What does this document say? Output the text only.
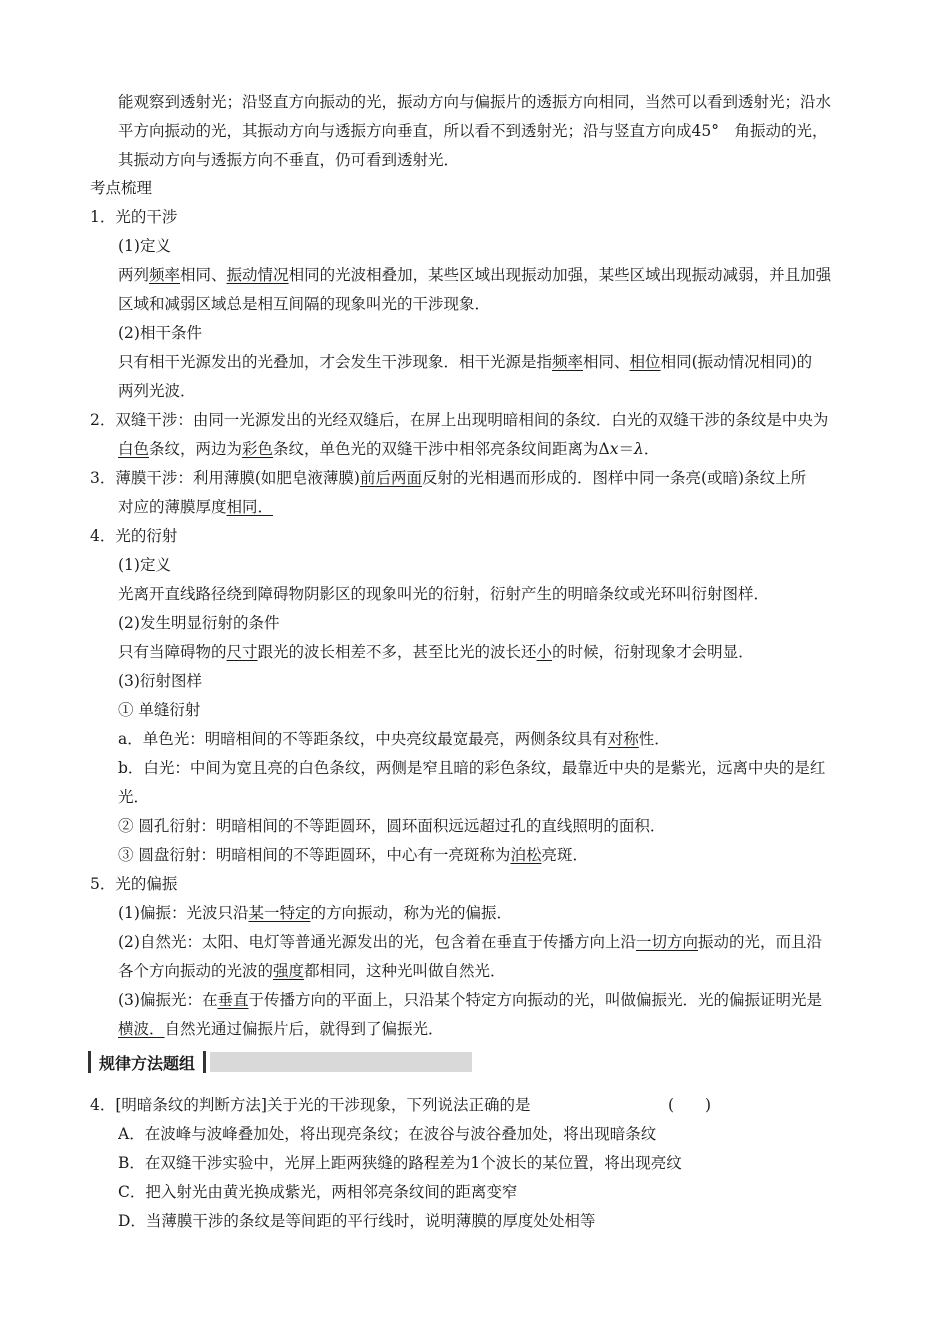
能观察到透射光；沿竖直方向振动的光，振动方向与偏振片的透振方向相同，当然可以看到透射光；沿水
平方向振动的光，其振动方向与透振方向垂直，所以看不到透射光；沿与竖直方向成45°　角振动的光，
其振动方向与透振方向不垂直，仍可看到透射光．
考点梳理
1．光的干涉
(1)定义
两列频率相同、振动情况相同的光波相叠加，某些区域出现振动加强，某些区域出现振动减弱，并且加强
区域和减弱区域总是相互间隔的现象叫光的干涉现象．
(2)相干条件
只有相干光源发出的光叠加，才会发生干涉现象．相干光源是指频率相同、相位相同(振动情况相同)的
两列光波．
2．双缝干涉：由同一光源发出的光经双缝后，在屏上出现明暗相间的条纹．白光的双缝干涉的条纹是中央为
白色条纹，两边为彩色条纹，单色光的双缝干涉中相邻亮条纹间距离为Δx＝λ．
3．薄膜干涉：利用薄膜(如肥皂液薄膜)前后两面反射的光相遇而形成的．图样中同一条亮(或暗)条纹上所
对应的薄膜厚度相同．
4．光的衍射
(1)定义
光离开直线路径绕到障碍物阴影区的现象叫光的衍射，衍射产生的明暗条纹或光环叫衍射图样．
(2)发生明显衍射的条件
只有当障碍物的尺寸跟光的波长相差不多，甚至比光的波长还小的时候，衍射现象才会明显．
(3)衍射图样
① 单缝衍射
a．单色光：明暗相间的不等距条纹，中央亮纹最宽最亮，两侧条纹具有对称性．
b．白光：中间为宽且亮的白色条纹，两侧是窄且暗的彩色条纹，最靠近中央的是紫光，远离中央的是红
光．
② 圆孔衍射：明暗相间的不等距圆环，圆环面积远远超过孔的直线照明的面积．
③ 圆盘衍射：明暗相间的不等距圆环，中心有一亮斑称为泊松亮斑．
5．光的偏振
(1)偏振：光波只沿某一特定的方向振动，称为光的偏振．
(2)自然光：太阳、电灯等普通光源发出的光，包含着在垂直于传播方向上沿一切方向振动的光，而且沿
各个方向振动的光波的强度都相同，这种光叫做自然光．
(3)偏振光：在垂直于传播方向的平面上，只沿某个特定方向振动的光，叫做偏振光．光的偏振证明光是
横波．自然光通过偏振片后，就得到了偏振光．
规律方法题组
4．[明暗条纹的判断方法]关于光的干涉现象，下列说法正确的是	(　　)
A．在波峰与波峰叠加处，将出现亮条纹；在波谷与波谷叠加处，将出现暗条纹
B．在双缝干涉实验中，光屏上距两狭缝的路程差为1个波长的某位置，将出现亮纹
C．把入射光由黄光换成紫光，两相邻亮条纹间的距离变窄
D．当薄膜干涉的条纹是等间距的平行线时，说明薄膜的厚度处处相等
